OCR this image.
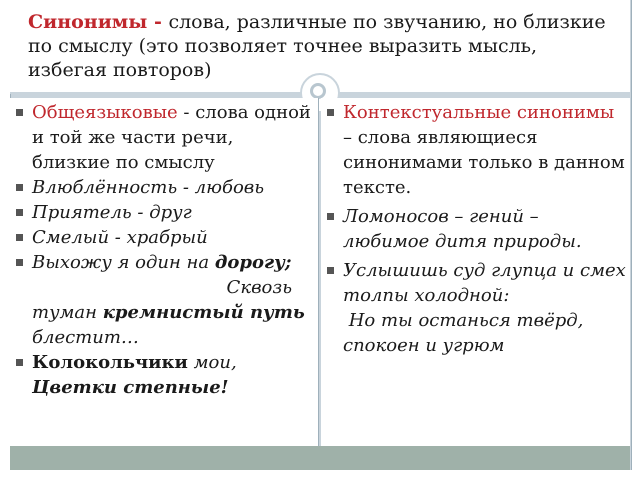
Синонимы - слова, различные по звучанию, но близкие по смыслу (это позволяет точнее выразить мысль, избегая повторов)
Общеязыковые - слова одной и той же части речи, близкие по смыслу
Влюблённость - любовь
Приятель - друг
Смелый - храбрый
Выхожу я один на дорогу;
Сквозь
туман кремнистый путь блестит…
Колокольчики мои,
Цветки степные!
Контекстуальные синонимы – слова являющиеся синонимами только в данном тексте.
Ломоносов – гений – любимое дитя природы.
Услышишь суд глупца и смех толпы холодной:
Но ты останься твёрд, спокоен и угрюм
